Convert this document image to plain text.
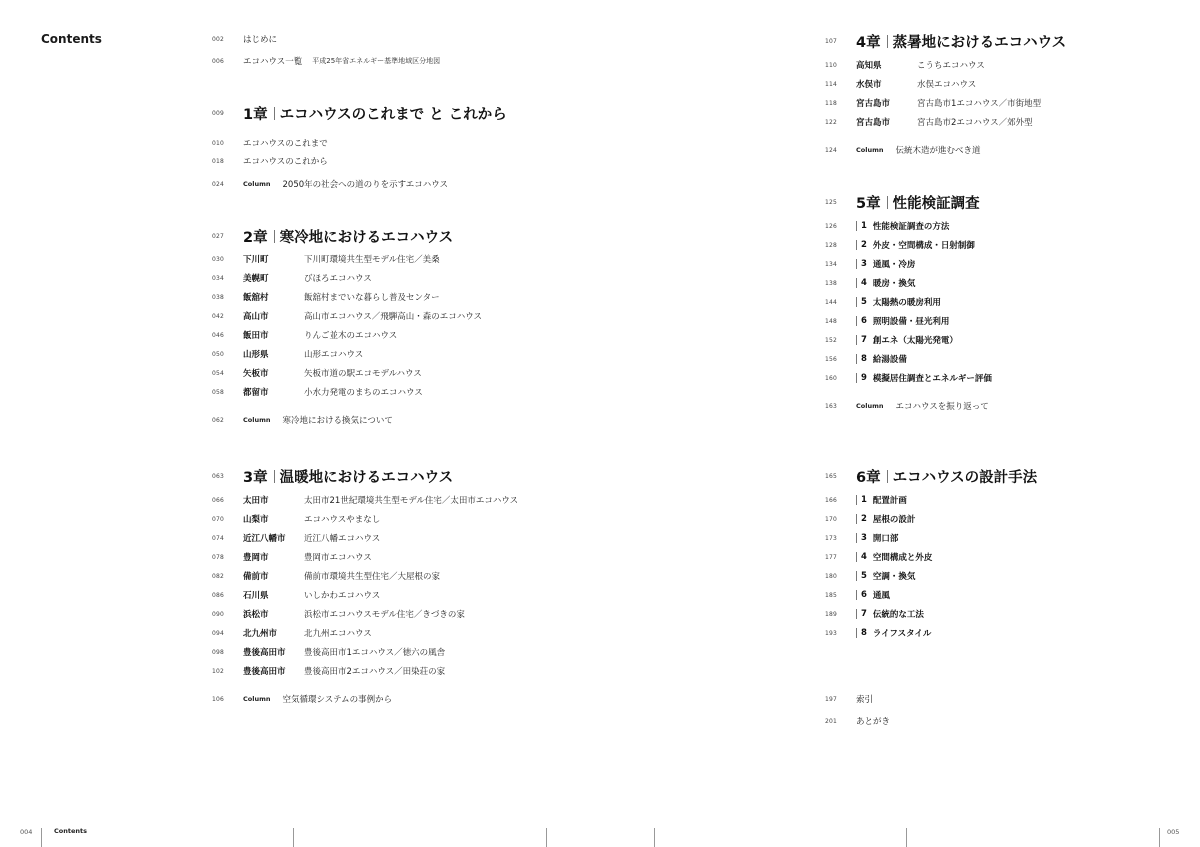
Contents	002	はじめに
006	エコハウス一覧 平成25年省エネルギー基準地域区分地図
009	1章 エコハウスのこれまで と これから
010	エコハウスのこれまで
018	エコハウスのこれから
024	Column 2050年の社会への道のりを示すエコハウス
027	2章 寒冷地におけるエコハウス
030	下川町	下川町環境共生型モデル住宅／美桑
034	美幌町	びほろエコハウス
038	飯舘村	飯舘村までいな暮らし普及センター
042	高山市	高山市エコハウス／飛騨高山・森のエコハウス
046	飯田市	りんご並木のエコハウス
050	山形県	山形エコハウス
054	矢板市	矢板市道の駅エコモデルハウス
058	都留市	小水力発電のまちのエコハウス
062	Column 寒冷地における換気について
063	3章 温暖地におけるエコハウス
066	太田市	太田市21世紀環境共生型モデル住宅／太田市エコハウス
070	山梨市	エコハウスやまなし
074	近江八幡市	近江八幡エコハウス
078	豊岡市	豊岡市エコハウス
082	備前市	備前市環境共生型住宅／大屋根の家
086	石川県	いしかわエコハウス
090	浜松市	浜松市エコハウスモデル住宅／きづきの家
094	北九州市	北九州エコハウス
098	豊後高田市	豊後高田市1エコハウス／徳六の風舎
102	豊後高田市	豊後高田市2エコハウス／田染荘の家
106	Column 空気循環システムの事例から
107	4章 蒸暑地におけるエコハウス
110	高知県	こうちエコハウス
114	水俣市	水俣エコハウス
118	宮古島市	宮古島市1エコハウス／市街地型
122	宮古島市	宮古島市2エコハウス／郊外型
124	Column 伝統木造が進むべき道
125	5章 性能検証調査
126	1 性能検証調査の方法
128	2 外皮・空間構成・日射制御
134	3 通風・冷房
138	4 暖房・換気
144	5 太陽熱の暖房利用
148	6 照明設備・昼光利用
152	7 創エネ（太陽光発電）
156	8 給湯設備
160	9 模擬居住調査とエネルギー評価
163	Column エコハウスを振り返って
165	6章 エコハウスの設計手法
166	1 配置計画
170	2 屋根の設計
173	3 開口部
177	4 空間構成と外皮
180	5 空調・換気
185	6 通風
189	7 伝統的な工法
193	8 ライフスタイル
197	索引
201	あとがき
004	Contents	005
